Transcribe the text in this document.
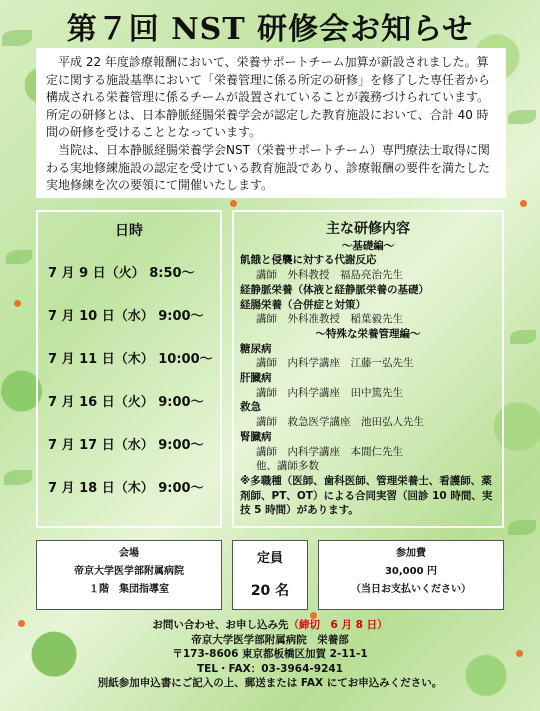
第７回 NST 研修会お知らせ

平成 22 年度診療報酬において、栄養サポートチーム加算が新設されました。算定に関する施設基準において「栄養管理に係る所定の研修」を修了した専任者から構成される栄養管理に係るチームが設置されていることが義務づけられています。所定の研修とは、日本静脈経腸栄養学会が認定した教育施設において、合計 40 時間の研修を受けることとなっています。

当院は、日本静脈経腸栄養学会NST（栄養サポートチーム）専門療法士取得に関わる実地修練施設の認定を受けている教育施設であり、診療報酬の要件を満たした実地修練を次の要領にて開催いたします。

日時
7 月 9 日（火） 8:50～
7 月 10 日（水） 9:00～
7 月 11 日（木） 10:00～
7 月 16 日（火） 9:00～
7 月 17 日（水） 9:00～
7 月 18 日（木） 9:00～
主な研修内容
～基礎編～
飢餓と侵襲に対する代謝反応
講師　外科教授　福島亮治先生
経静脈栄養（体液と経静脈栄養の基礎）
経腸栄養（合併症と対策）
講師　外科准教授　稲葉毅先生
～特殊な栄養管理編～
糖尿病
講師　内科学講座　江藤一弘先生
肝臓病
講師　内科学講座　田中篤先生
救急
講師　救急医学講座　池田弘人先生
腎臓病
講師　内科学講座　本間仁先生
他、講師多数
※多職種（医師、歯科医師、管理栄養士、看護師、薬剤師、PT、OT）による合同実習（回診 10 時間、実技 5 時間）があります。
会場
帝京大学医学部附属病院
１階　集団指導室
定員
20 名
参加費
30,000 円
（当日お支払いください）
お問い合わせ、お申し込み先（締切　6 月 8 日）
帝京大学医学部附属病院　栄養部
〒173-8606 東京都板橋区加賀 2-11-1
TEL・FAX：03-3964-9241
別紙参加申込書にご記入の上、郵送または FAX にてお申込みください。
